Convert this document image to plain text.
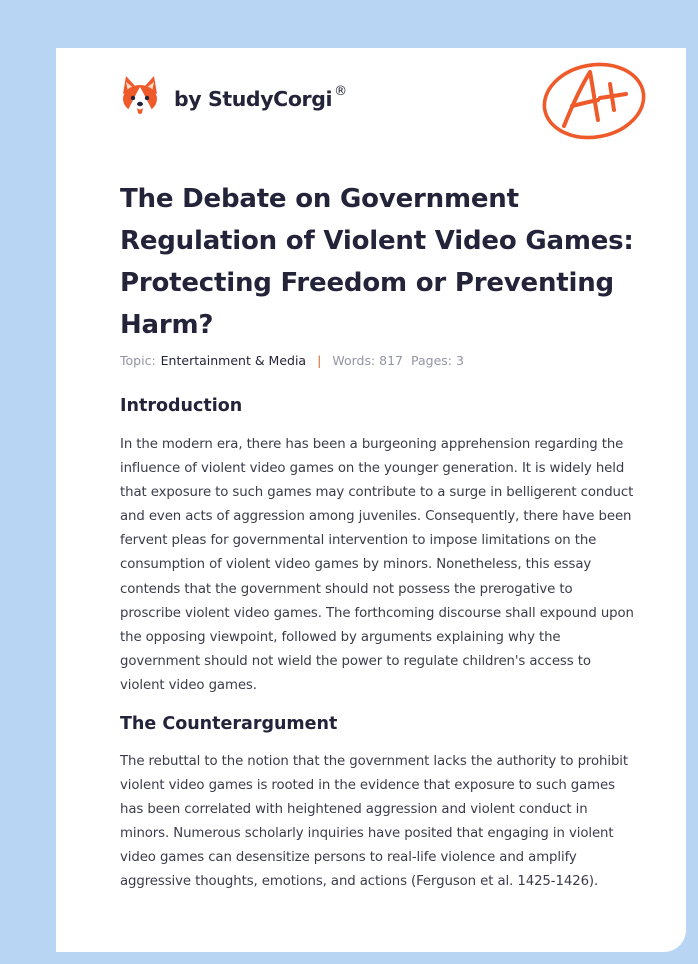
by StudyCorgi ®
The Debate on Government Regulation of Violent Video Games: Protecting Freedom or Preventing Harm?
Topic: Entertainment & Media | Words: 817 Pages: 3
Introduction

In the modern era, there has been a burgeoning apprehension regarding the influence of violent video games on the younger generation. It is widely held that exposure to such games may contribute to a surge in belligerent conduct and even acts of aggression among juveniles. Consequently, there have been fervent pleas for governmental intervention to impose limitations on the consumption of violent video games by minors. Nonetheless, this essay contends that the government should not possess the prerogative to proscribe violent video games. The forthcoming discourse shall expound upon the opposing viewpoint, followed by arguments explaining why the government should not wield the power to regulate children's access to violent video games.

The Counterargument

The rebuttal to the notion that the government lacks the authority to prohibit violent video games is rooted in the evidence that exposure to such games has been correlated with heightened aggression and violent conduct in minors. Numerous scholarly inquiries have posited that engaging in violent video games can desensitize persons to real-life violence and amplify aggressive thoughts, emotions, and actions (Ferguson et al. 1425-1426).
